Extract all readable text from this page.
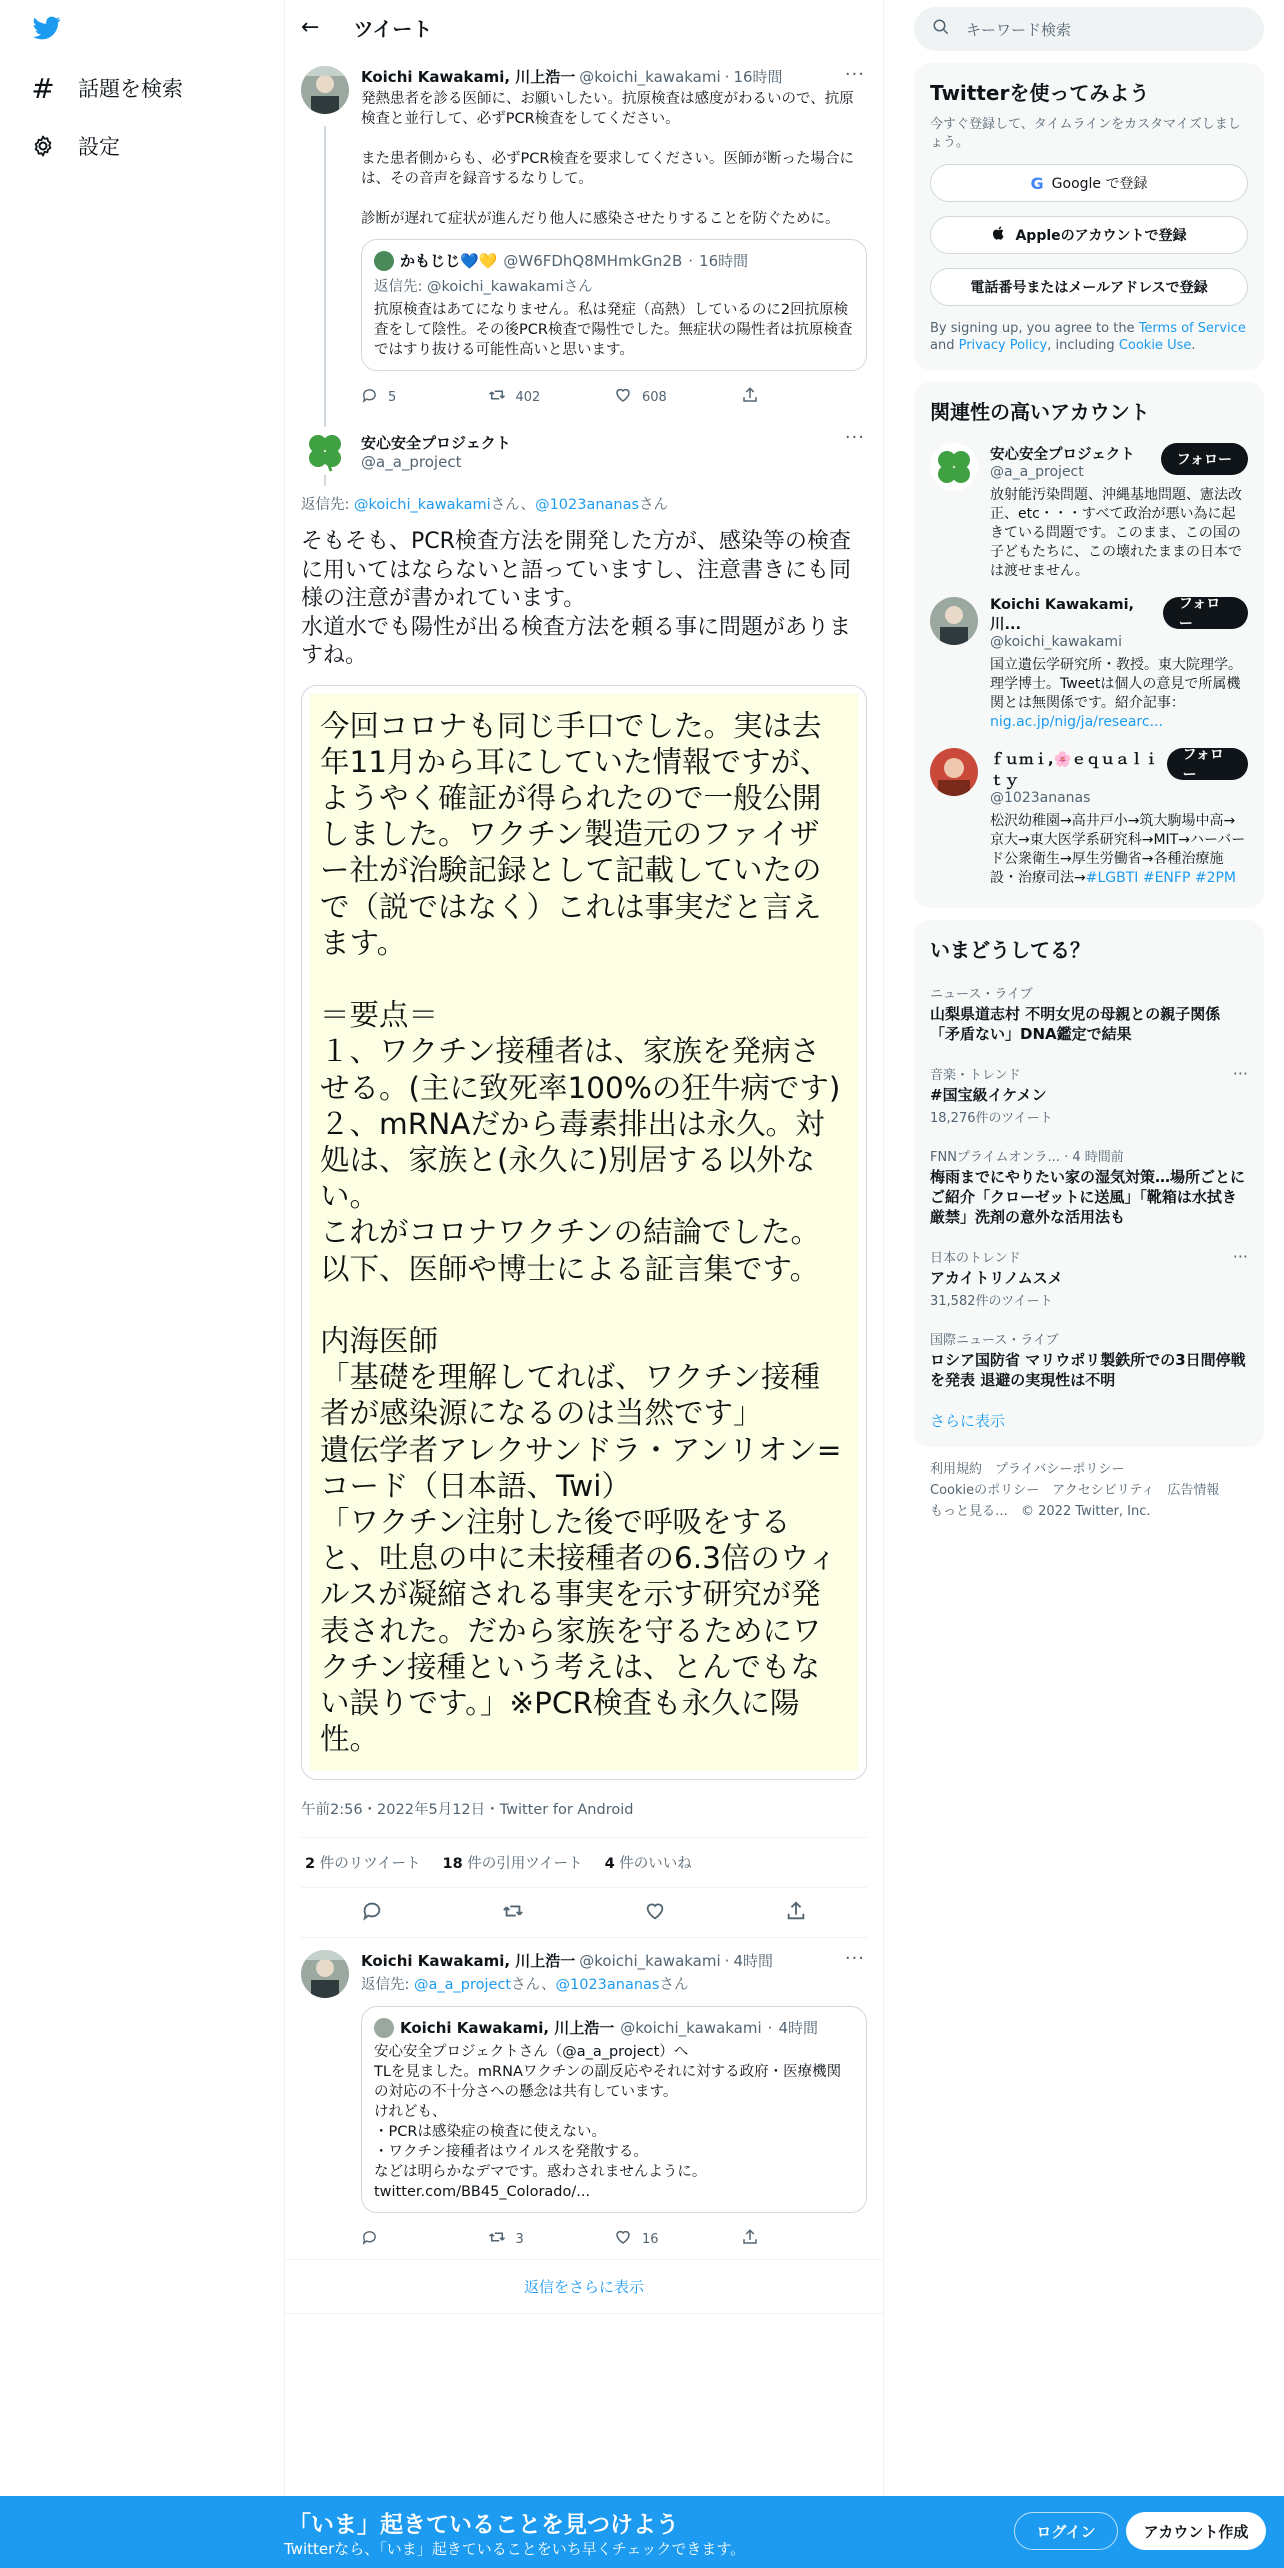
# 話題を検索
設定
← ツイート
···
Koichi Kawakami, 川上浩一 @koichi_kawakami · 16時間
発熱患者を診る医師に、お願いしたい。抗原検査は感度がわるいので、抗原検査と並行して、必ずPCR検査をしてください。

また患者側からも、必ずPCR検査を要求してください。医師が断った場合には、その音声を録音するなりして。

診断が遅れて症状が進んだり他人に感染させたりすることを防ぐために。
かもじじ💙💛 @W6FDhQ8MHmkGn2B · 16時間
返信先: @koichi_kawakamiさん
抗原検査はあてになりません。私は発症（高熱）しているのに2回抗原検査をして陰性。その後PCR検査で陽性でした。無症状の陽性者は抗原検査ではすり抜ける可能性高いと思います。
5	402	608
···
安心安全プロジェクト
@a_a_project
返信先: @koichi_kawakamiさん、@1023ananasさん
そもそも、PCR検査方法を開発した方が、感染等の検査に用いてはならないと語っていますし、注意書きにも同様の注意が書かれています。
水道水でも陽性が出る検査方法を頼る事に問題がありますね。
今回コロナも同じ手口でした。実は去年11月から耳にしていた情報ですが、ようやく確証が得られたので一般公開しました。ワクチン製造元のファイザー社が治験記録として記載していたので（説ではなく）これは事実だと言えます。

＝要点＝
１、ワクチン接種者は、家族を発病させる。(主に致死率100%の狂牛病です)
２、mRNAだから毒素排出は永久。対処は、家族と(永久に)別居する以外ない。
これがコロナワクチンの結論でした。以下、医師や博士による証言集です。

内海医師
「基礎を理解してれば、ワクチン接種者が感染源になるのは当然です」
遺伝学者アレクサンドラ・アンリオン=コード（日本語、Twi）
「ワクチン注射した後で呼吸をすると、吐息の中に未接種者の6.3倍のウィルスが凝縮される事実を示す研究が発表された。だから家族を守るためにワクチン接種という考えは、とんでもない誤りです。」※PCR検査も永久に陽性。
午前2:56・2022年5月12日・Twitter for Android
2 件のリツイート 18 件の引用ツイート 4 件のいいね
···
Koichi Kawakami, 川上浩一 @koichi_kawakami · 4時間
返信先: @a_a_projectさん、@1023ananasさん
Koichi Kawakami, 川上浩一 @koichi_kawakami · 4時間
安心安全プロジェクトさん（@a_a_project）へ
TLを見ました。mRNAワクチンの副反応やそれに対する政府・医療機関の対応の不十分さへの懸念は共有しています。
けれども、
・PCRは感染症の検査に使えない。
・ワクチン接種者はウイルスを発散する。
などは明らかなデマです。惑わされませんように。
twitter.com/BB45_Colorado/...
3	16
返信をさらに表示
キーワード検索
Twitterを使ってみよう
今すぐ登録して、タイムラインをカスタマイズしましょう。
G Google で登録
Appleのアカウントで登録
電話番号またはメールアドレスで登録
By signing up, you agree to the Terms of Service and Privacy Policy, including Cookie Use.
関連性の高いアカウント
安心安全プロジェクト
@a_a_project
フォロー
放射能汚染問題、沖縄基地問題、憲法改正、etc・・・すべて政治が悪い為に起きている問題です。このまま、この国の子どもたちに、この壊れたままの日本では渡せません。
Koichi Kawakami, 川...
@koichi_kawakami
フォロー
国立遺伝学研究所・教授。東大院理学。理学博士。Tweetは個人の意見で所属機関とは無関係です。紹介記事：nig.ac.jp/nig/ja/researc...
ｆｕｍｉ,🌸ｅｑｕａｌｉｔｙ
@1023ananas
フォロー
松沢幼稚園→高井戸小→筑大駒場中高→京大→東大医学系研究科→MIT→ハーバード公衆衛生→厚生労働省→各種治療施設・治療司法→#LGBTI #ENFP #2PM
いまどうしてる？
ニュース・ライブ
山梨県道志村 不明女児の母親との親子関係「矛盾ない」DNA鑑定で結果
···
音楽・トレンド
#国宝級イケメン
18,276件のツイート
FNNプライムオンラ... · 4 時間前
梅雨までにやりたい家の湿気対策…場所ごとにご紹介「クローゼットに送風」「靴箱は水拭き厳禁」洗剤の意外な活用法も
···
日本のトレンド
アカイトリノムスメ
31,582件のツイート
国際ニュース・ライブ
ロシア国防省 マリウポリ製鉄所での3日間停戦を発表 退避の実現性は不明
さらに表示
利用規約　プライバシーポリシー
Cookieのポリシー　アクセシビリティ　広告情報
もっと見る…　© 2022 Twitter, Inc.
「いま」起きていることを見つけよう
Twitterなら、「いま」起きていることをいち早くチェックできます。
ログイン	アカウント作成
